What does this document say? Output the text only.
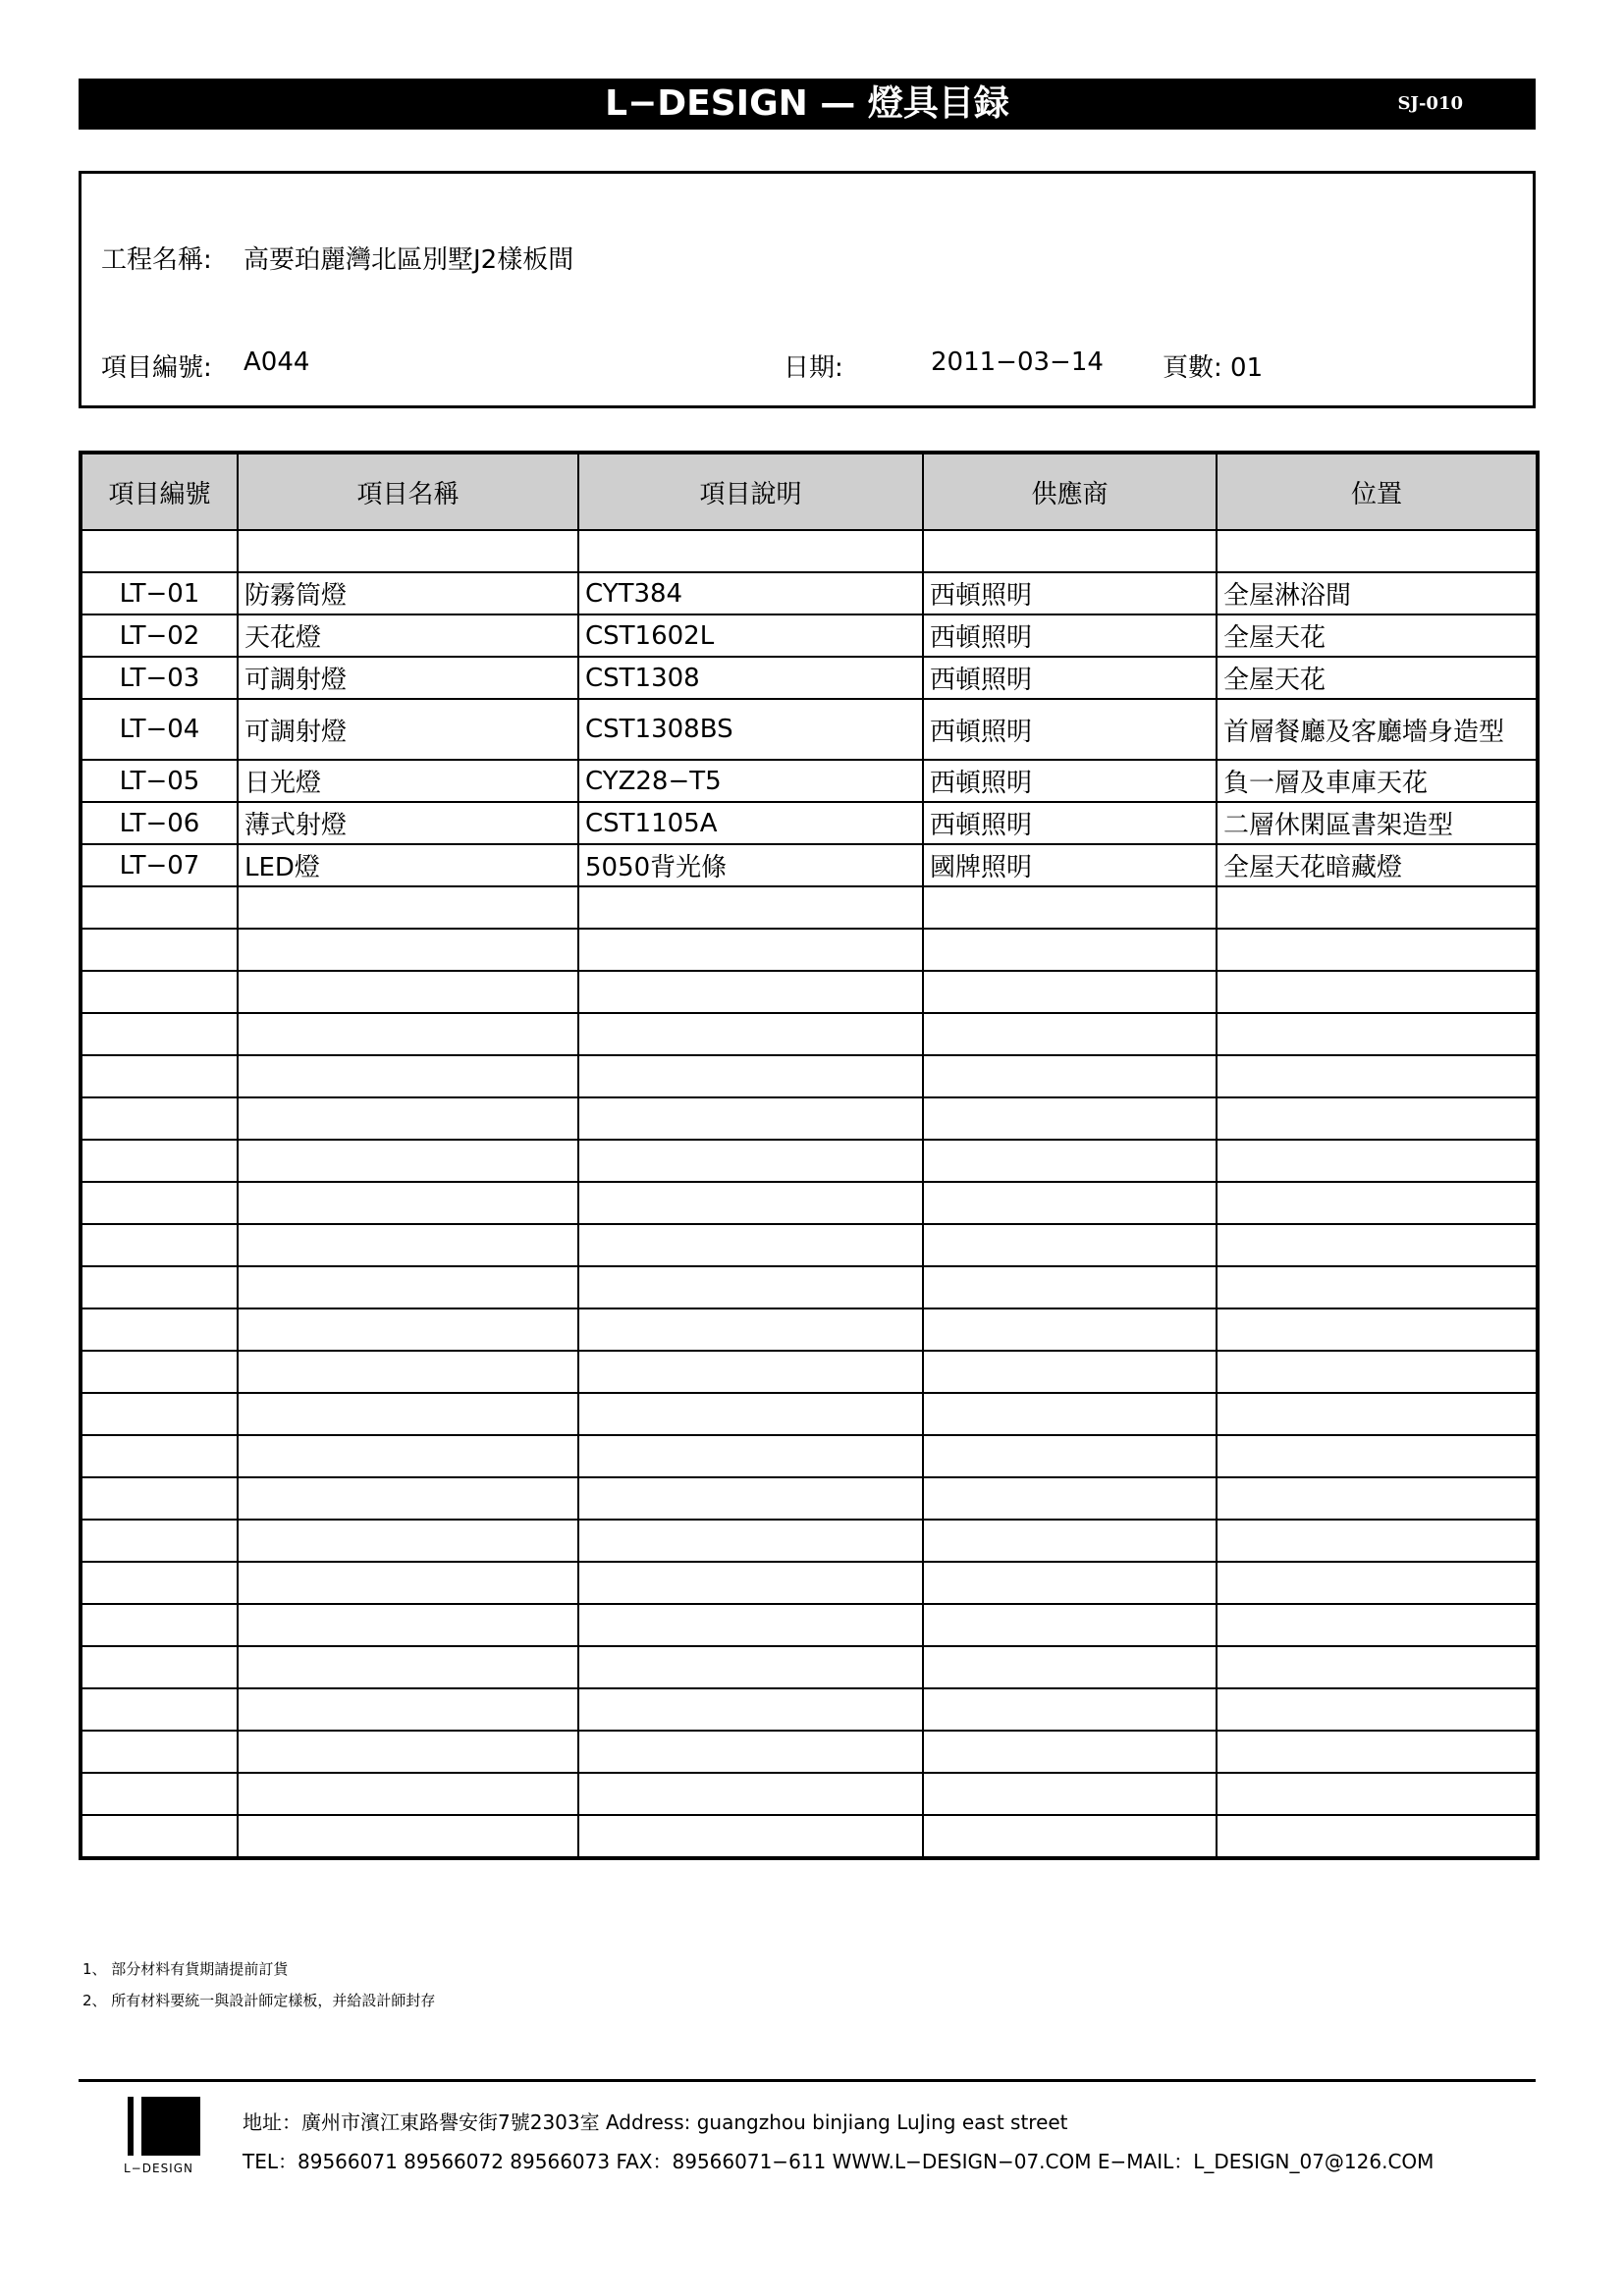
L−DESIGN — 燈具目録	SJ-010
工程名稱: 高要珀麗灣北區別墅J2樣板間
項目編號: A044	日期:	2011−03−14 頁數: 01
項目編號	項目名稱	項目說明	供應商	位置

LT−01	防霧筒燈	CYT384	西頓照明	全屋淋浴間
LT−02	天花燈	CST1602L	西頓照明	全屋天花
LT−03	可調射燈	CST1308	西頓照明	全屋天花
LT−04	可調射燈	CST1308BS	西頓照明	首層餐廳及客廳墻身造型
LT−05	日光燈	CYZ28−T5	西頓照明	負一層及車庫天花
LT−06	薄式射燈	CST1105A	西頓照明	二層休閑區書架造型
LT−07	LED燈	5050背光條	國牌照明	全屋天花暗藏燈

1、 部分材料有貨期請提前訂貨
2、 所有材料要統一與設計師定樣板，并給設計師封存
L−DESIGN
地址：廣州市濱江東路譽安街7號2303室 Address: guangzhou binjiang LuJing east street
TEL：89566071 89566072 89566073 FAX：89566071−611 WWW.L−DESIGN−07.COM E−MAIL：L_DESIGN_07@126.COM
